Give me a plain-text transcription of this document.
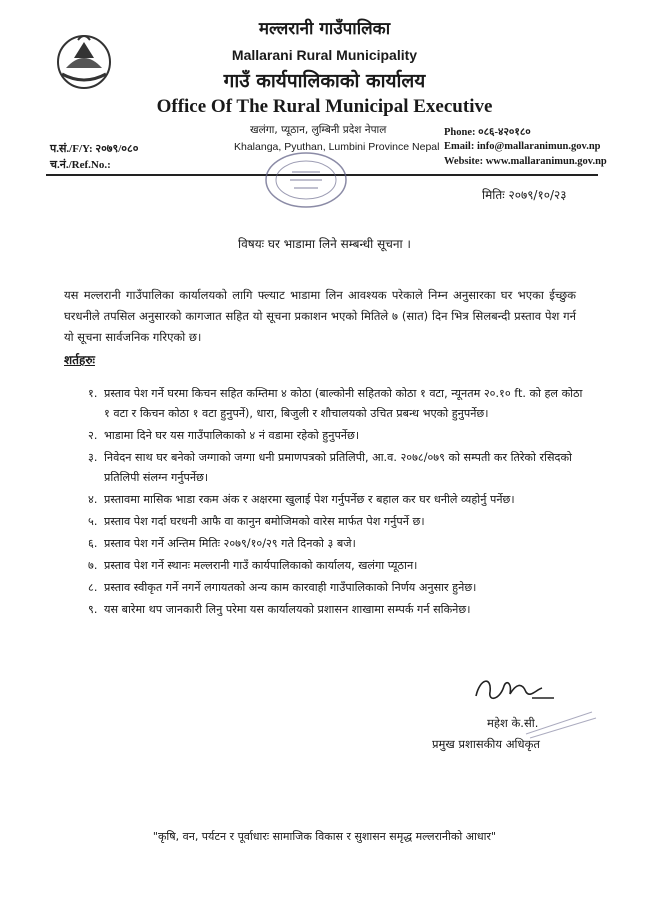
मल्लरानी गाउँपालिका
Mallarani Rural Municipality
गाउँ कार्यपालिकाको कार्यालय
Office Of The Rural Municipal Executive
खलंगा, प्यूठान, लुम्बिनी प्रदेश नेपाल
Khalanga, Pyuthan, Lumbini Province Nepal
Phone: ०८६-४२०१८०
Email: info@mallaranimun.gov.np
Website: www.mallaranimun.gov.np
प.सं./F/Y: २०७९/०८०
च.नं./Ref.No.:
मितिः २०७९/१०/२३
विषयः घर भाडामा लिने सम्बन्धी सूचना ।
यस मल्लरानी गाउँपालिका कार्यालयको लागि फ्ल्याट भाडामा लिन आवश्यक परेकाले निम्न अनुसारका घर भएका ईच्छुक घरधनीले तपसिल अनुसारको कागजात सहित यो सूचना प्रकाशन भएको मितिले ७ (सात) दिन भित्र सिलबन्दी प्रस्ताव पेश गर्न यो सूचना सार्वजनिक गरिएको छ।
शर्तहरुः
१. प्रस्ताव पेश गर्ने घरमा किचन सहित कम्तिमा ४ कोठा (बाल्कोनी सहितको कोठा १ वटा, न्यूनतम २०.१० ft. को हल कोठा १ वटा र किचन कोठा १ वटा हुनुपर्ने), धारा, बिजुली र शौचालयको उचित प्रबन्ध भएको हुनुपर्नेछ।
२. भाडामा दिने घर यस गाउँपालिकाको ४ नं वडामा रहेको हुनुपर्नेछ।
३. निवेदन साथ घर बनेको जग्गाको जग्गा धनी प्रमाणपत्रको प्रतिलिपी, आ.व. २०७८/०७९ को सम्पती कर तिरेको रसिदको प्रतिलिपी संलग्न गर्नुपर्नेछ।
४. प्रस्तावमा मासिक भाडा रकम अंक र अक्षरमा खुलाई पेश गर्नुपर्नेछ र बहाल कर घर धनीले व्यहोर्नु पर्नेछ।
५. प्रस्ताव पेश गर्दा घरधनी आफै वा कानुन बमोजिमको वारेस मार्फत पेश गर्नुपर्ने छ।
६. प्रस्ताव पेश गर्ने अन्तिम मितिः २०७९/१०/२९ गते दिनको ३ बजे।
७. प्रस्ताव पेश गर्ने स्थानः मल्लरानी गाउँ कार्यपालिकाको कार्यालय, खलंगा प्यूठान।
८. प्रस्ताव स्वीकृत गर्ने नगर्ने लगायतको अन्य काम कारवाही गाउँपालिकाको निर्णय अनुसार हुनेछ।
९. यस बारेमा थप जानकारी लिनु परेमा यस कार्यालयको प्रशासन शाखामा सम्पर्क गर्न सकिनेछ।
महेश के.सी.
प्रमुख प्रशासकीय अधिकृत
"कृषि, वन, पर्यटन र पूर्वाधारः सामाजिक विकास र सुशासन समृद्ध मल्लरानीको आधार"
